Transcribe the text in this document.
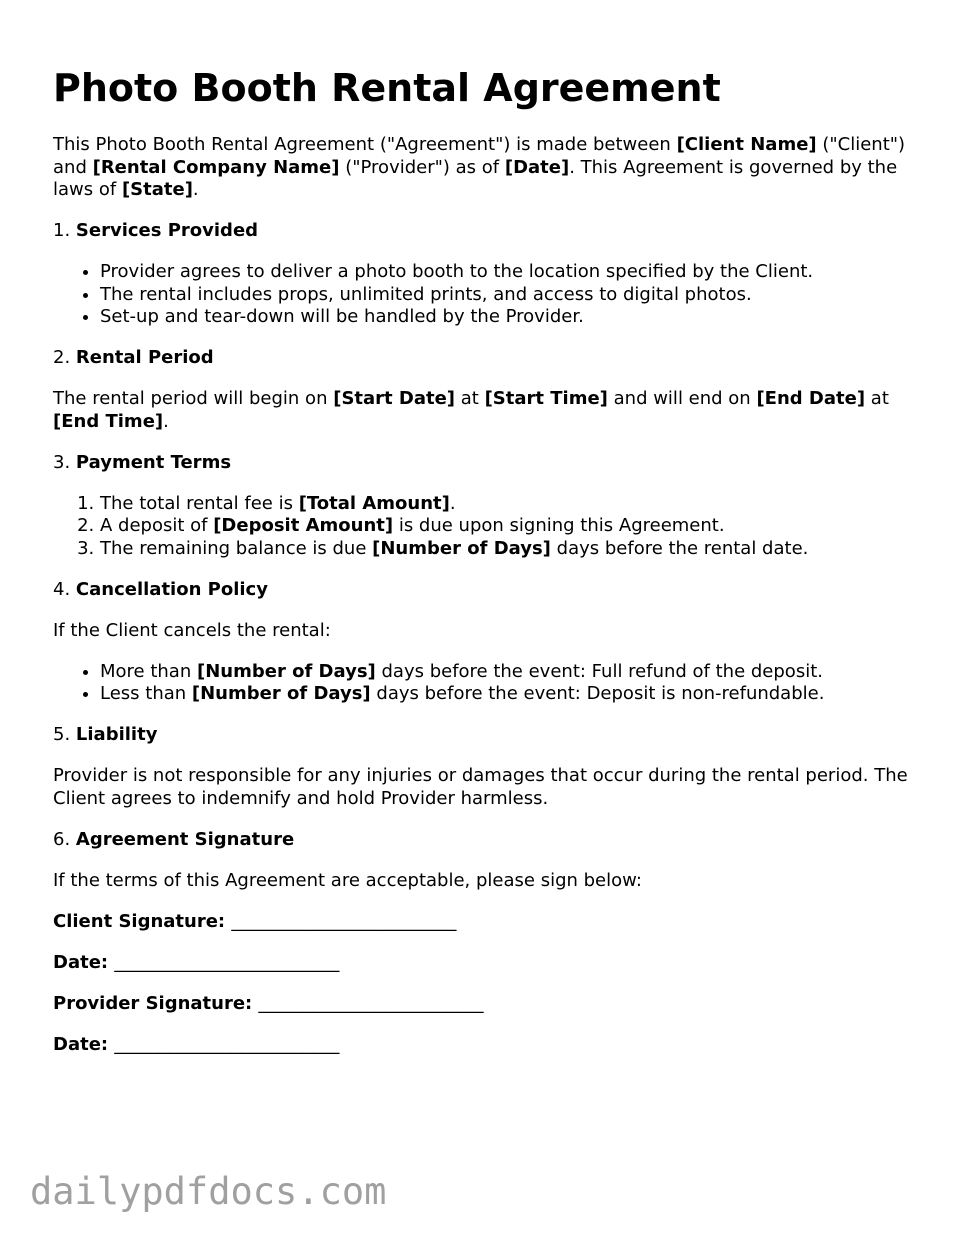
Photo Booth Rental Agreement

This Photo Booth Rental Agreement ("Agreement") is made between [Client Name] ("Client") and [Rental Company Name] ("Provider") as of [Date]. This Agreement is governed by the laws of [State].

1. Services Provided

• Provider agrees to deliver a photo booth to the location specified by the Client.
• The rental includes props, unlimited prints, and access to digital photos.
• Set-up and tear-down will be handled by the Provider.

2. Rental Period

The rental period will begin on [Start Date] at [Start Time] and will end on [End Date] at [End Time].

3. Payment Terms

1. The total rental fee is [Total Amount].
2. A deposit of [Deposit Amount] is due upon signing this Agreement.
3. The remaining balance is due [Number of Days] days before the rental date.

4. Cancellation Policy

If the Client cancels the rental:

• More than [Number of Days] days before the event: Full refund of the deposit.
• Less than [Number of Days] days before the event: Deposit is non-refundable.

5. Liability

Provider is not responsible for any injuries or damages that occur during the rental period. The Client agrees to indemnify and hold Provider harmless.

6. Agreement Signature

If the terms of this Agreement are acceptable, please sign below:

Client Signature: _________________________

Date: _________________________

Provider Signature: _________________________

Date: _________________________

dailypdfdocs.com
